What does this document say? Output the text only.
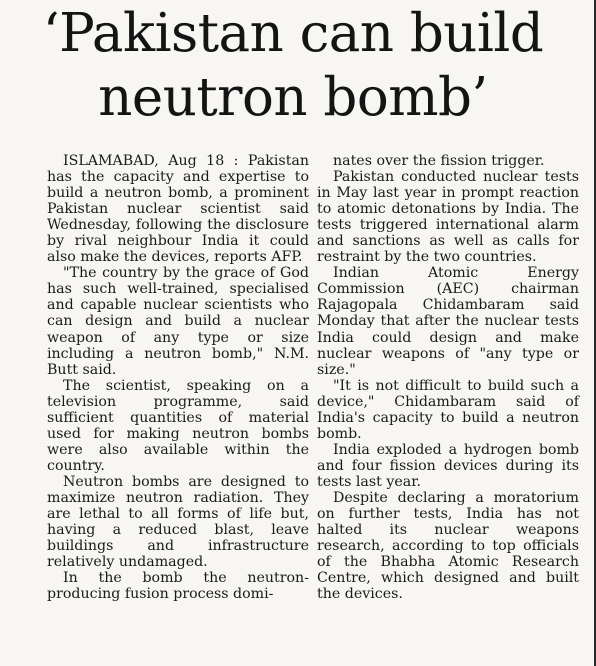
‘Pakistan can build
neutron bomb’

ISLAMABAD, Aug 18 : Pakistan has the capacity and expertise to build a neutron bomb, a prominent Pakistan nuclear scientist said Wednesday, following the disclosure by rival neighbour India it could also make the devices, reports AFP.

"The country by the grace of God has such well-trained, specialised and capable nuclear scientists who can design and build a nuclear weapon of any type or size including a neutron bomb," N.M. Butt said.

The scientist, speaking on a television programme, said sufficient quantities of material used for making neutron bombs were also available within the country.

Neutron bombs are designed to maximize neutron radiation. They are lethal to all forms of life but, having a reduced blast, leave buildings and infrastructure relatively undamaged.

In the bomb the neutron-producing fusion process domi-

nates over the fission trigger.

Pakistan conducted nuclear tests in May last year in prompt reaction to atomic detonations by India. The tests triggered international alarm and sanctions as well as calls for restraint by the two countries.

Indian Atomic Energy Commission (AEC) chairman Rajagopala Chidambaram said Monday that after the nuclear tests India could design and make nuclear weapons of "any type or size."

"It is not difficult to build such a device," Chidambaram said of India's capacity to build a neutron bomb.

India exploded a hydrogen bomb and four fission devices during its tests last year.

Despite declaring a moratorium on further tests, India has not halted its nuclear weapons research, according to top officials of the Bhabha Atomic Research Centre, which designed and built the devices.
